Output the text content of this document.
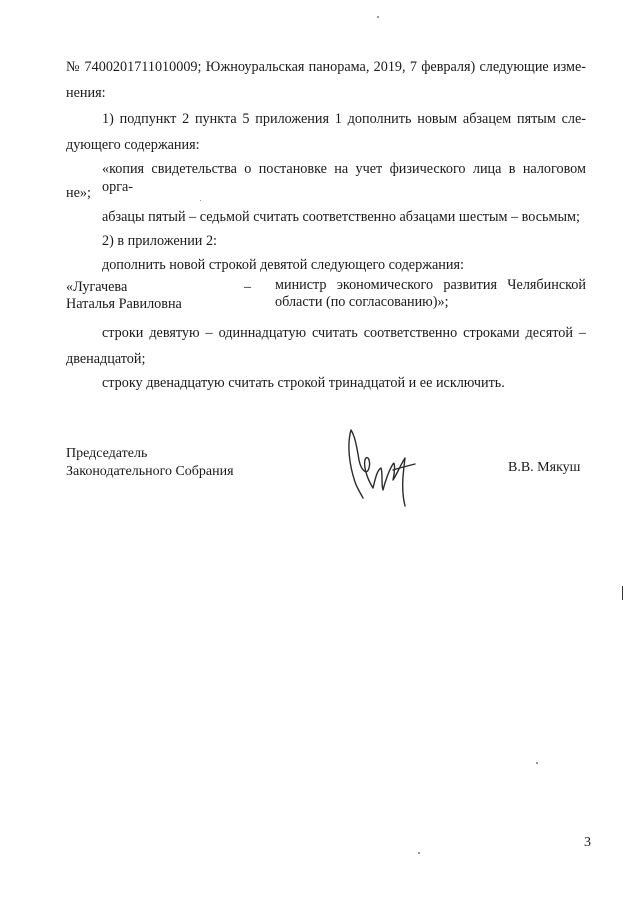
№ 7400201711010009; Южноуральская панорама, 2019, 7 февраля) следующие изме-
нения:
1) подпункт 2 пункта 5 приложения 1 дополнить новым абзацем пятым сле-
дующего содержания:
«копия свидетельства о постановке на учет физического лица в налоговом орга-
не»;
абзацы пятый – седьмой считать соответственно абзацами шестым – восьмым;
2) в приложении 2:
дополнить новой строкой девятой следующего содержания:
«Лугачева
Наталья Равиловна
– министр экономического развития Челябинской
области (по согласованию)»;
строки девятую – одиннадцатую считать соответственно строками десятой –
двенадцатой;
строку двенадцатую считать строкой тринадцатой и ее исключить.
Председатель
Законодательного Собрания	В.В. Мякуш
3
